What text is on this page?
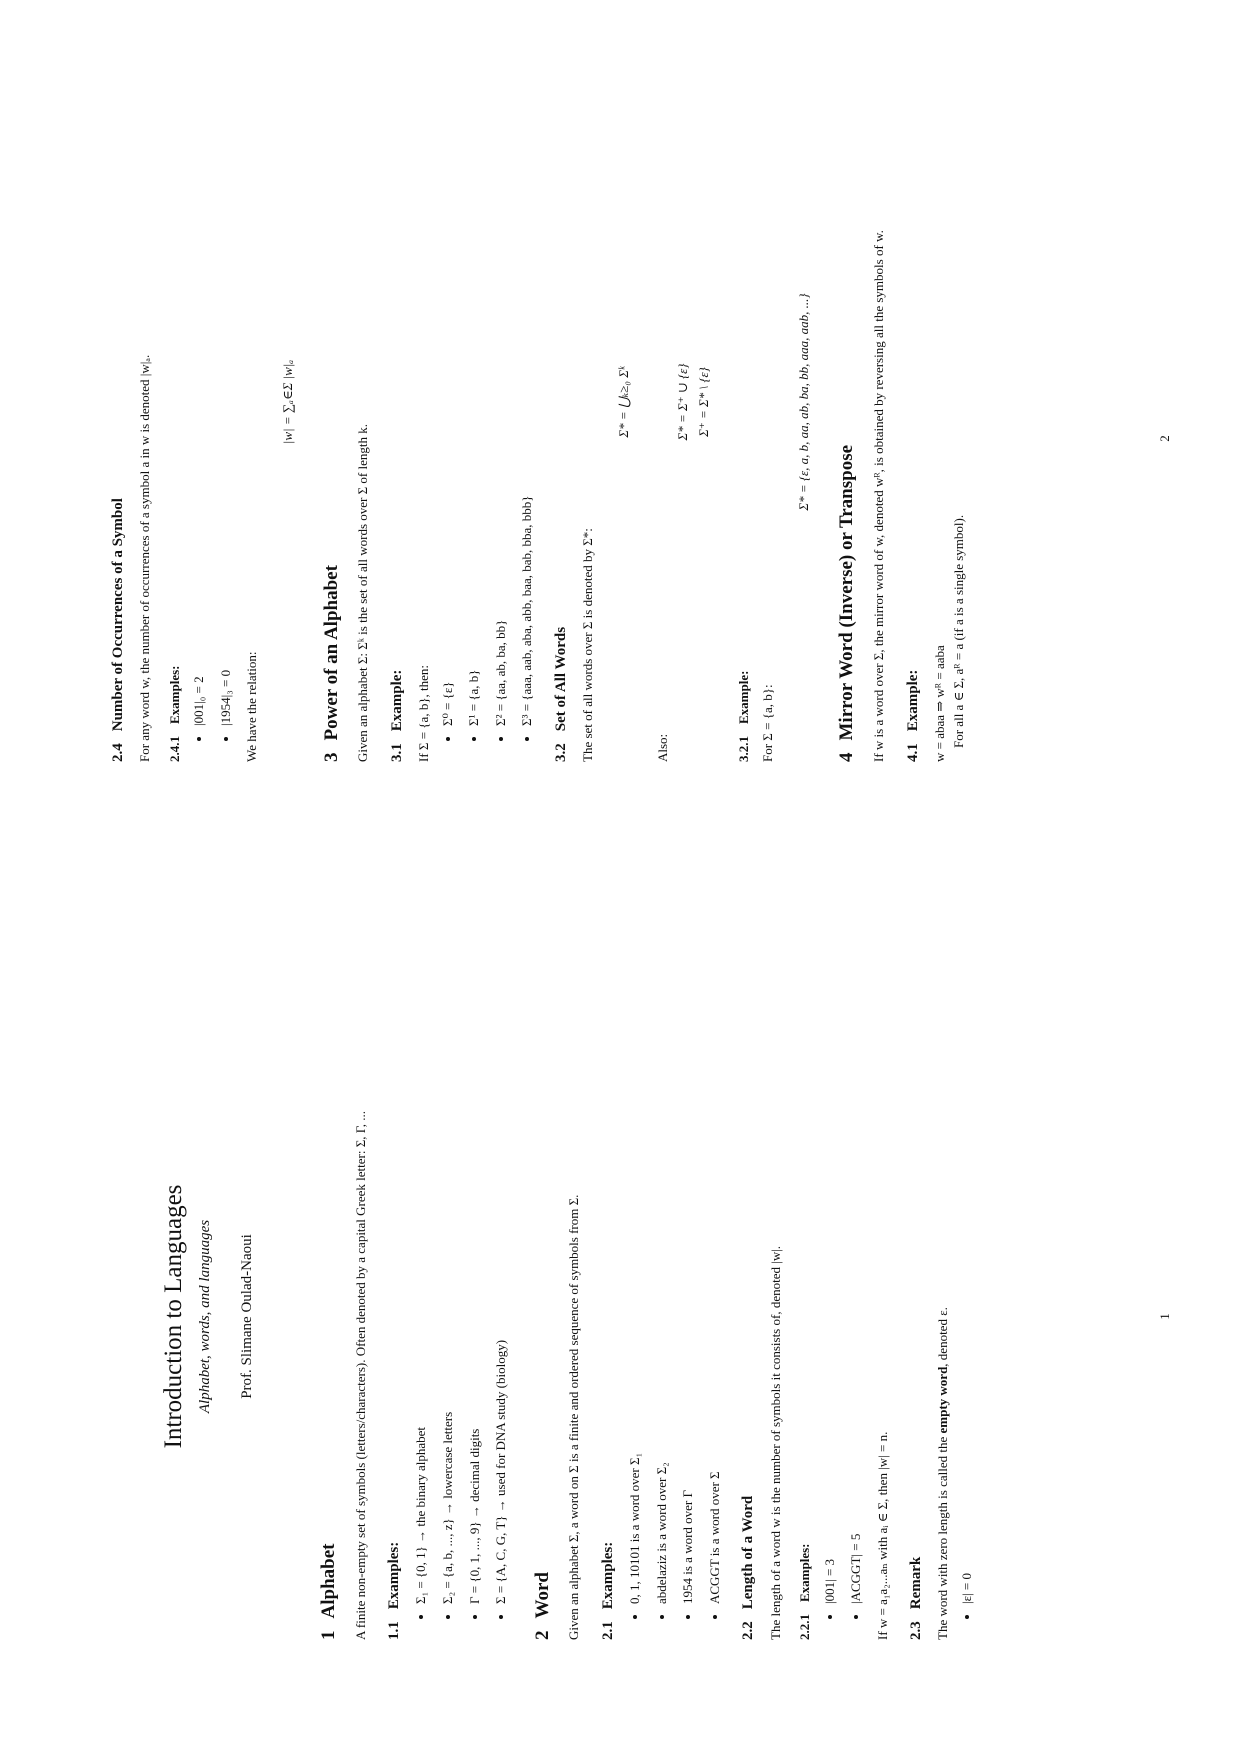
Introduction to Languages Alphabet, words, and languages Prof. Slimane Oulad-Naoui
1Alphabet A finite non-empty set of symbols (letters/characters). Often denoted by a capital Greek letter: Σ, Γ, ... 1.1Examples: • Σ₁ = {0, 1} → the binary alphabet • Σ₂ = {a, b, ..., z} → lowercase letters • Γ = {0, 1, ..., 9} → decimal digits • Σ = {A, C, G, T} → used for DNA study (biology)
2Word Given an alphabet Σ, a word on Σ is a finite and ordered sequence of symbols from Σ. 2.1Examples: • 0, 1, 10101 is a word over Σ₁ • abdelaziz is a word over Σ₂ • 1954 is a word over Γ • ACGGT is a word over Σ
2.2Length of a Word The length of a word w is the number of symbols it consists of, denoted |w|. 2.2.1Examples: • |001| = 3 • |ACGGT| = 5 If w = a₁a₂...aₙ with aᵢ ∈ Σ, then |w| = n. 2.3Remark The word with zero length is called the empty word, denoted ε.

• |ε| = 0
1
2.4Number of Occurrences of a Symbol For any word w, the number of occurrences of a symbol a in w is denoted |w|ₐ. 2.4.1Examples: • |001|₀ = 2 • |1954|₃ = 0 We have the relation:

|w| = ∑ₐ∈Σ |w|ₐ
3Power of an Alphabet Given an alphabet Σ: Σᵏ is the set of all words over Σ of length k. 3.1Example: If Σ = {a, b}, then: • Σ⁰ = {ε} • Σ¹ = {a, b} • Σ² = {aa, ab, ba, bb} • Σ³ = {aaa, aab, aba, abb, baa, bab, bba, bbb}
3.2Set of All Words The set of all words over Σ is denoted by Σ*:

Σ* = ⋃ₖ≥₀ Σᵏ

Also:

Σ* = Σ⁺ ∪ {ε} Σ⁺ = Σ* \ {ε}
3.2.1Example: For Σ = {a, b}:

Σ* = {ε, a, b, aa, ab, ba, bb, aaa, aab, ...}
4Mirror Word (Inverse) or Transpose If w is a word over Σ, the mirror word of w, denoted wᴿ, is obtained by reversing all the symbols of w. 4.1Example: w = abaa ⇒ wᴿ = aaba For all a ∈ Σ, aᴿ = a (if a is a single symbol).

2
